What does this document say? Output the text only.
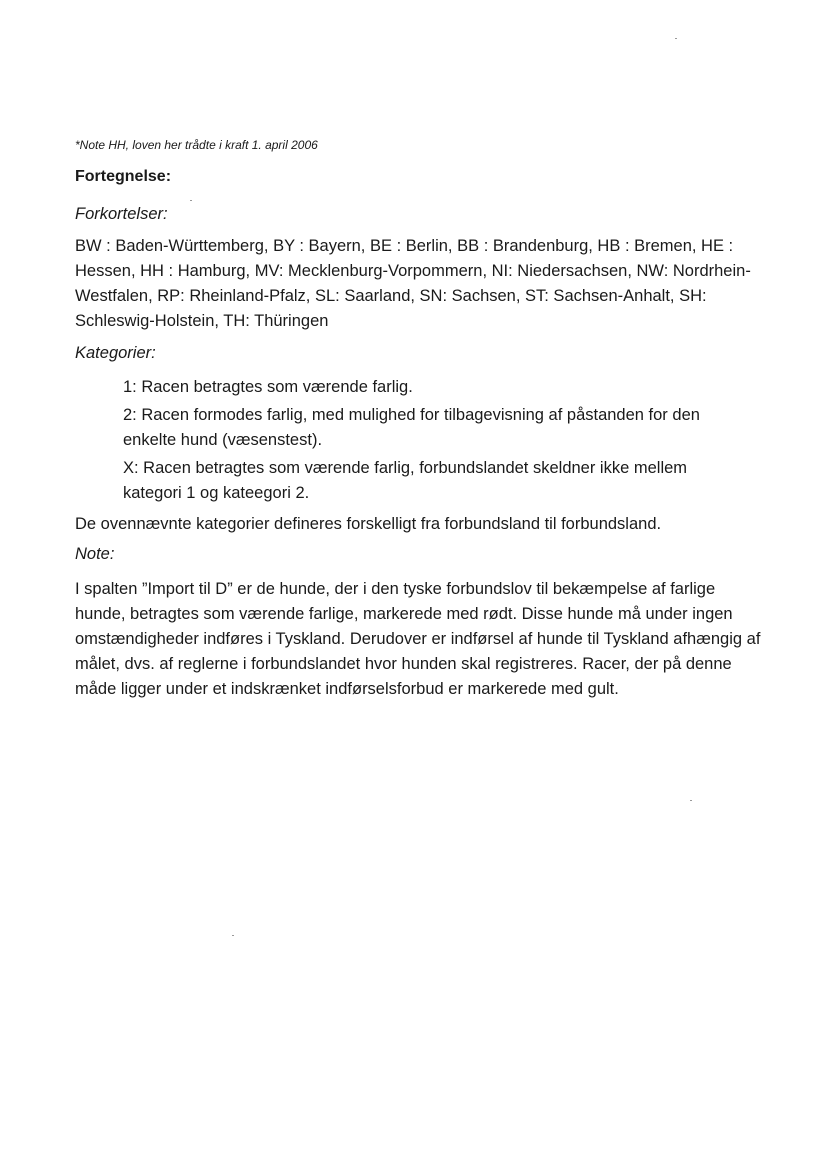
*Note HH, loven her trådte i kraft 1. april 2006
Fortegnelse:
Forkortelser:
BW : Baden-Württemberg, BY : Bayern, BE : Berlin, BB : Brandenburg, HB : Bremen, HE : Hessen, HH : Hamburg, MV: Mecklenburg-Vorpommern, NI: Niedersachsen, NW: Nordrhein-Westfalen, RP: Rheinland-Pfalz, SL: Saarland, SN: Sachsen, ST: Sachsen-Anhalt, SH: Schleswig-Holstein, TH: Thüringen
Kategorier:
1: Racen betragtes som værende farlig.
2: Racen formodes farlig, med mulighed for tilbagevisning af påstanden for den enkelte hund (væsenstest).
X: Racen betragtes som værende farlig, forbundslandet skeldner ikke mellem kategori 1 og kateegori 2.
De ovennævnte kategorier defineres forskelligt fra forbundsland til forbundsland.
Note:
I spalten ”Import til D” er de hunde, der i den tyske forbundslov til bekæmpelse af farlige hunde, betragtes som værende farlige, markerede med rødt. Disse hunde må under ingen omstændigheder indføres i Tyskland. Derudover er indførsel af hunde til Tyskland afhængig af målet, dvs. af reglerne i forbundslandet hvor hunden skal registreres. Racer, der på denne måde ligger under et indskrænket indførselsforbud er markerede med gult.
